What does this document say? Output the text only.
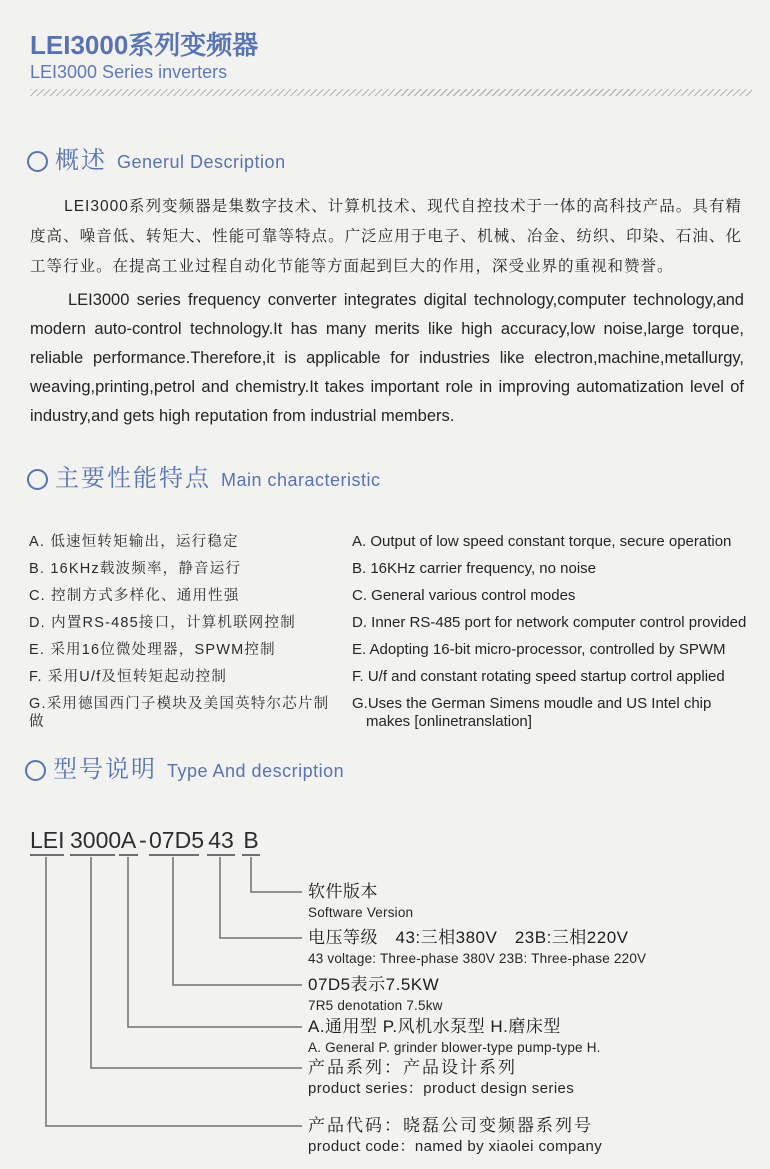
LEI3000系列变频器
LEI3000 Series inverters
概述 Generul Description
LEI3000系列变频器是集数字技术、计算机技术、现代自控技术于一体的高科技产品。具有精度高、噪音低、转矩大、性能可靠等特点。广泛应用于电子、机械、冶金、纺织、印染、石油、化工等行业。在提高工业过程自动化节能等方面起到巨大的作用，深受业界的重视和赞誉。
LEI3000 series frequency converter integrates digital technology,computer technology,and modern auto-control technology.It has many merits like high accuracy,low noise,large torque, reliable performance.Therefore,it is applicable for industries like electron,machine,metallurgy, weaving,printing,petrol and chemistry.It takes important role in improving automatization level of industry,and gets high reputation from industrial members.
主要性能特点 Main characteristic
A. 低速恒转矩输出，运行稳定
B. 16KHz载波频率，静音运行
C. 控制方式多样化、通用性强
D. 内置RS-485接口，计算机联网控制
E. 采用16位微处理器，SPWM控制
F. 采用U/f及恒转矩起动控制
G.采用德国西门子模块及美国英特尔芯片制做
A. Output of low speed constant torque, secure operation
B. 16KHz carrier frequency, no noise
C. General various control modes
D. Inner RS-485 port for network computer control provided
E. Adopting 16-bit micro-processor, controlled by SPWM
F. U/f and constant rotating speed startup cortrol applied
G.Uses the German Simens moudle and US Intel chip makes [onlinetranslation]
型号说明 Type And description
LEI 3000 A - 07D5 43 B
软件版本
Software Version
电压等级　43:三相380V　23B:三相220V
43 voltage: Three-phase 380V 23B: Three-phase 220V
07D5表示7.5KW
7R5 denotation 7.5kw
A.通用型 P.风机水泵型 H.磨床型
A. General P. grinder blower-type pump-type H.
产品系列：产品设计系列
product series：product design series
产品代码：晓磊公司变频器系列号
product code：named by xiaolei company
